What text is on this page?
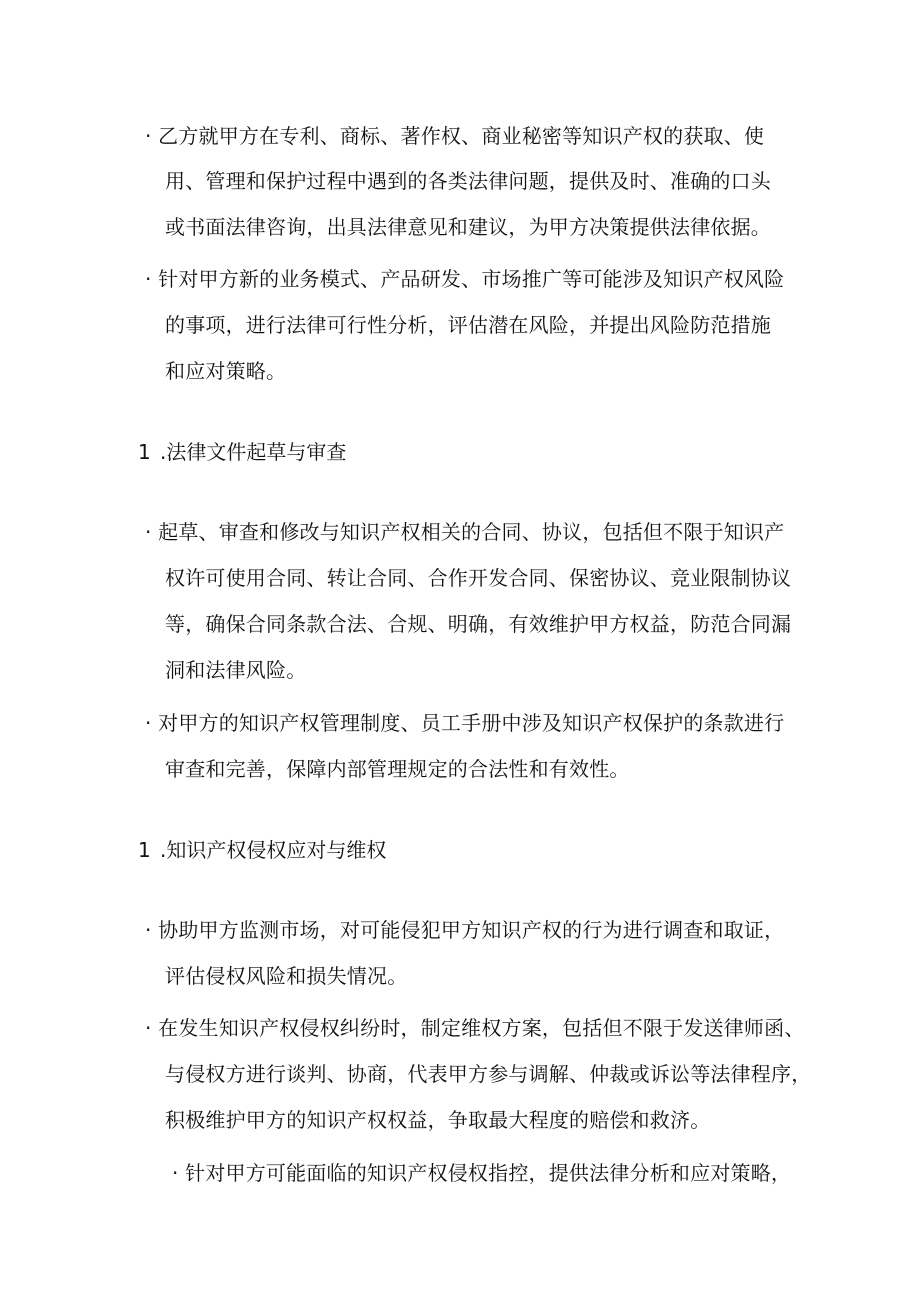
· 乙方就甲方在专利、商标、著作权、商业秘密等知识产权的获取、使
用、管理和保护过程中遇到的各类法律问题，提供及时、准确的口头
或书面法律咨询，出具法律意见和建议，为甲方决策提供法律依据。
· 针对甲方新的业务模式、产品研发、市场推广等可能涉及知识产权风险
的事项，进行法律可行性分析，评估潜在风险，并提出风险防范措施
和应对策略。
1 .法律文件起草与审查
· 起草、审查和修改与知识产权相关的合同、协议，包括但不限于知识产
权许可使用合同、转让合同、合作开发合同、保密协议、竞业限制协议
等，确保合同条款合法、合规、明确，有效维护甲方权益，防范合同漏
洞和法律风险。
· 对甲方的知识产权管理制度、员工手册中涉及知识产权保护的条款进行
审查和完善，保障内部管理规定的合法性和有效性。
1 .知识产权侵权应对与维权
· 协助甲方监测市场，对可能侵犯甲方知识产权的行为进行调查和取证，
评估侵权风险和损失情况。
· 在发生知识产权侵权纠纷时，制定维权方案，包括但不限于发送律师函、
与侵权方进行谈判、协商，代表甲方参与调解、仲裁或诉讼等法律程序，
积极维护甲方的知识产权权益，争取最大程度的赔偿和救济。
· 针对甲方可能面临的知识产权侵权指控，提供法律分析和应对策略，
